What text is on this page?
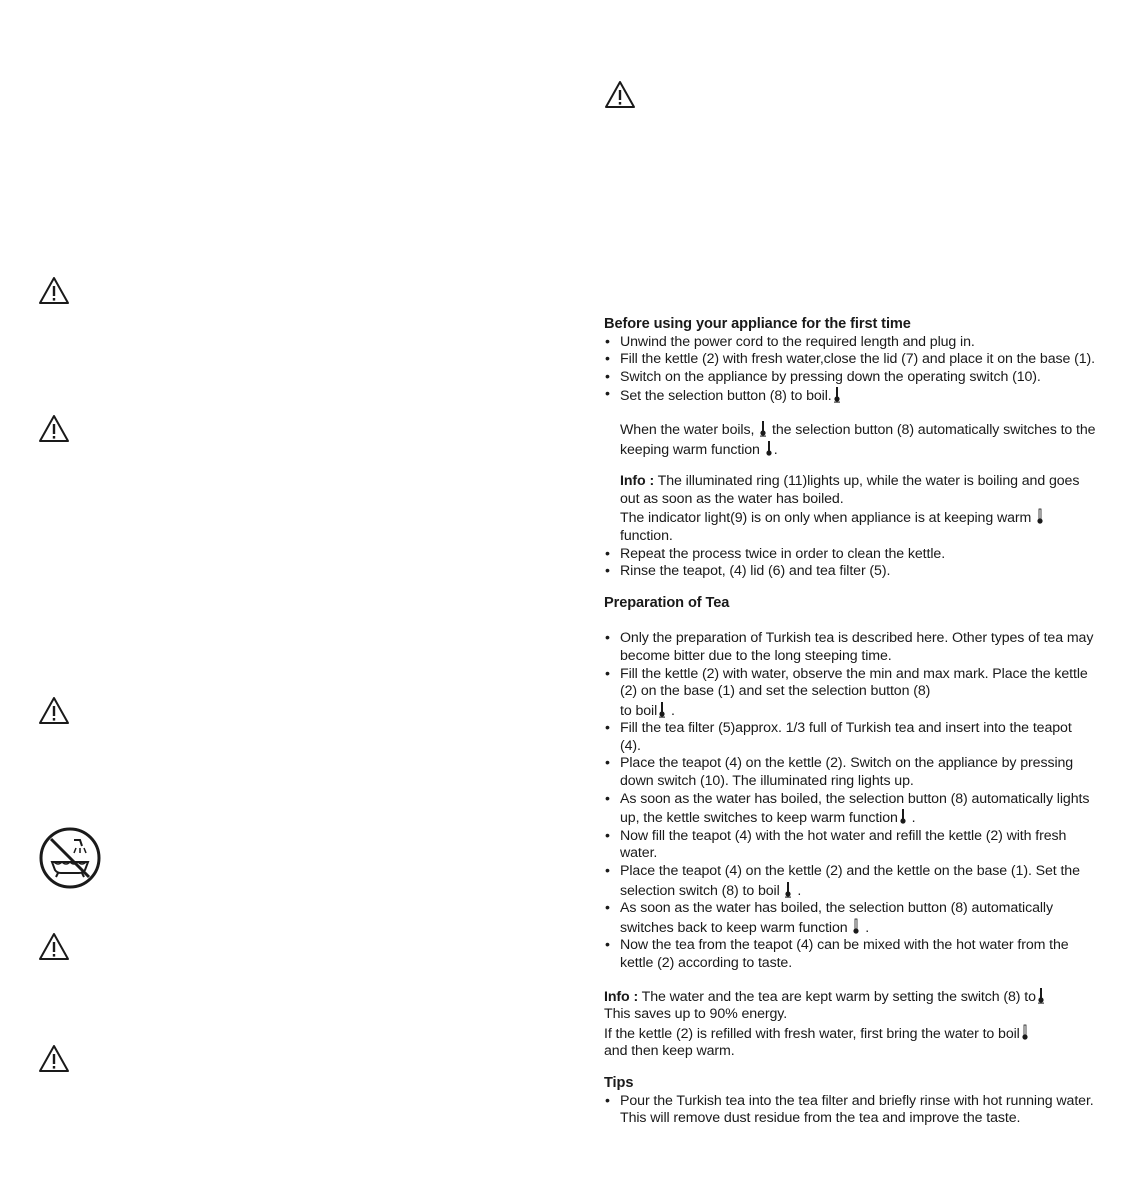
Before using your appliance for the first time

• Unwind the power cord to the required length and plug in.
• Fill the kettle (2) with fresh water,close the lid (7) and place it on the base (1).
• Switch on the appliance by pressing down the operating switch (10).
• Set the selection button (8) to boil.
When the water boils, the selection button (8) automatically switches to the keeping warm function .
Info : The illuminated ring (11)lights up, while the water is boiling and goes out as soon as the water has boiled.
The indicator light(9) is on only when appliance is at keeping warm
function.
• Repeat the process twice in order to clean the kettle.
• Rinse the teapot, (4) lid (6) and tea filter (5).

Preparation of Tea

• Only the preparation of Turkish tea is described here. Other types of tea may become bitter due to the long steeping time.
• Fill the kettle (2) with water, observe the min and max mark. Place the kettle (2) on the base (1) and set the selection button (8)
to boil
.
• Fill the tea filter (5)approx. 1/3 full of Turkish tea and insert into the teapot (4).
• Place the teapot (4) on the kettle (2). Switch on the appliance by pressing down switch (10). The illuminated ring lights up.
• As soon as the water has boiled, the selection button (8) automatically lights up, the kettle switches to keep warm function
.
• Now fill the teapot (4) with the hot water and refill the kettle (2) with fresh water.
• Place the teapot (4) on the kettle (2) and the kettle on the base (1). Set the selection switch (8) to boil
.
• As soon as the water has boiled, the selection button (8) automatically switches back to keep warm function
.
• Now the tea from the teapot (4) can be mixed with the hot water from the kettle (2) according to taste.
Info : The water and the tea are kept warm by setting the switch (8) to

This saves up to 90% energy.
If the kettle (2) is refilled with fresh water, first bring the water to boil

and then keep warm.

Tips

• Pour the Turkish tea into the tea filter and briefly rinse with hot running water. This will remove dust residue from the tea and improve the taste.
